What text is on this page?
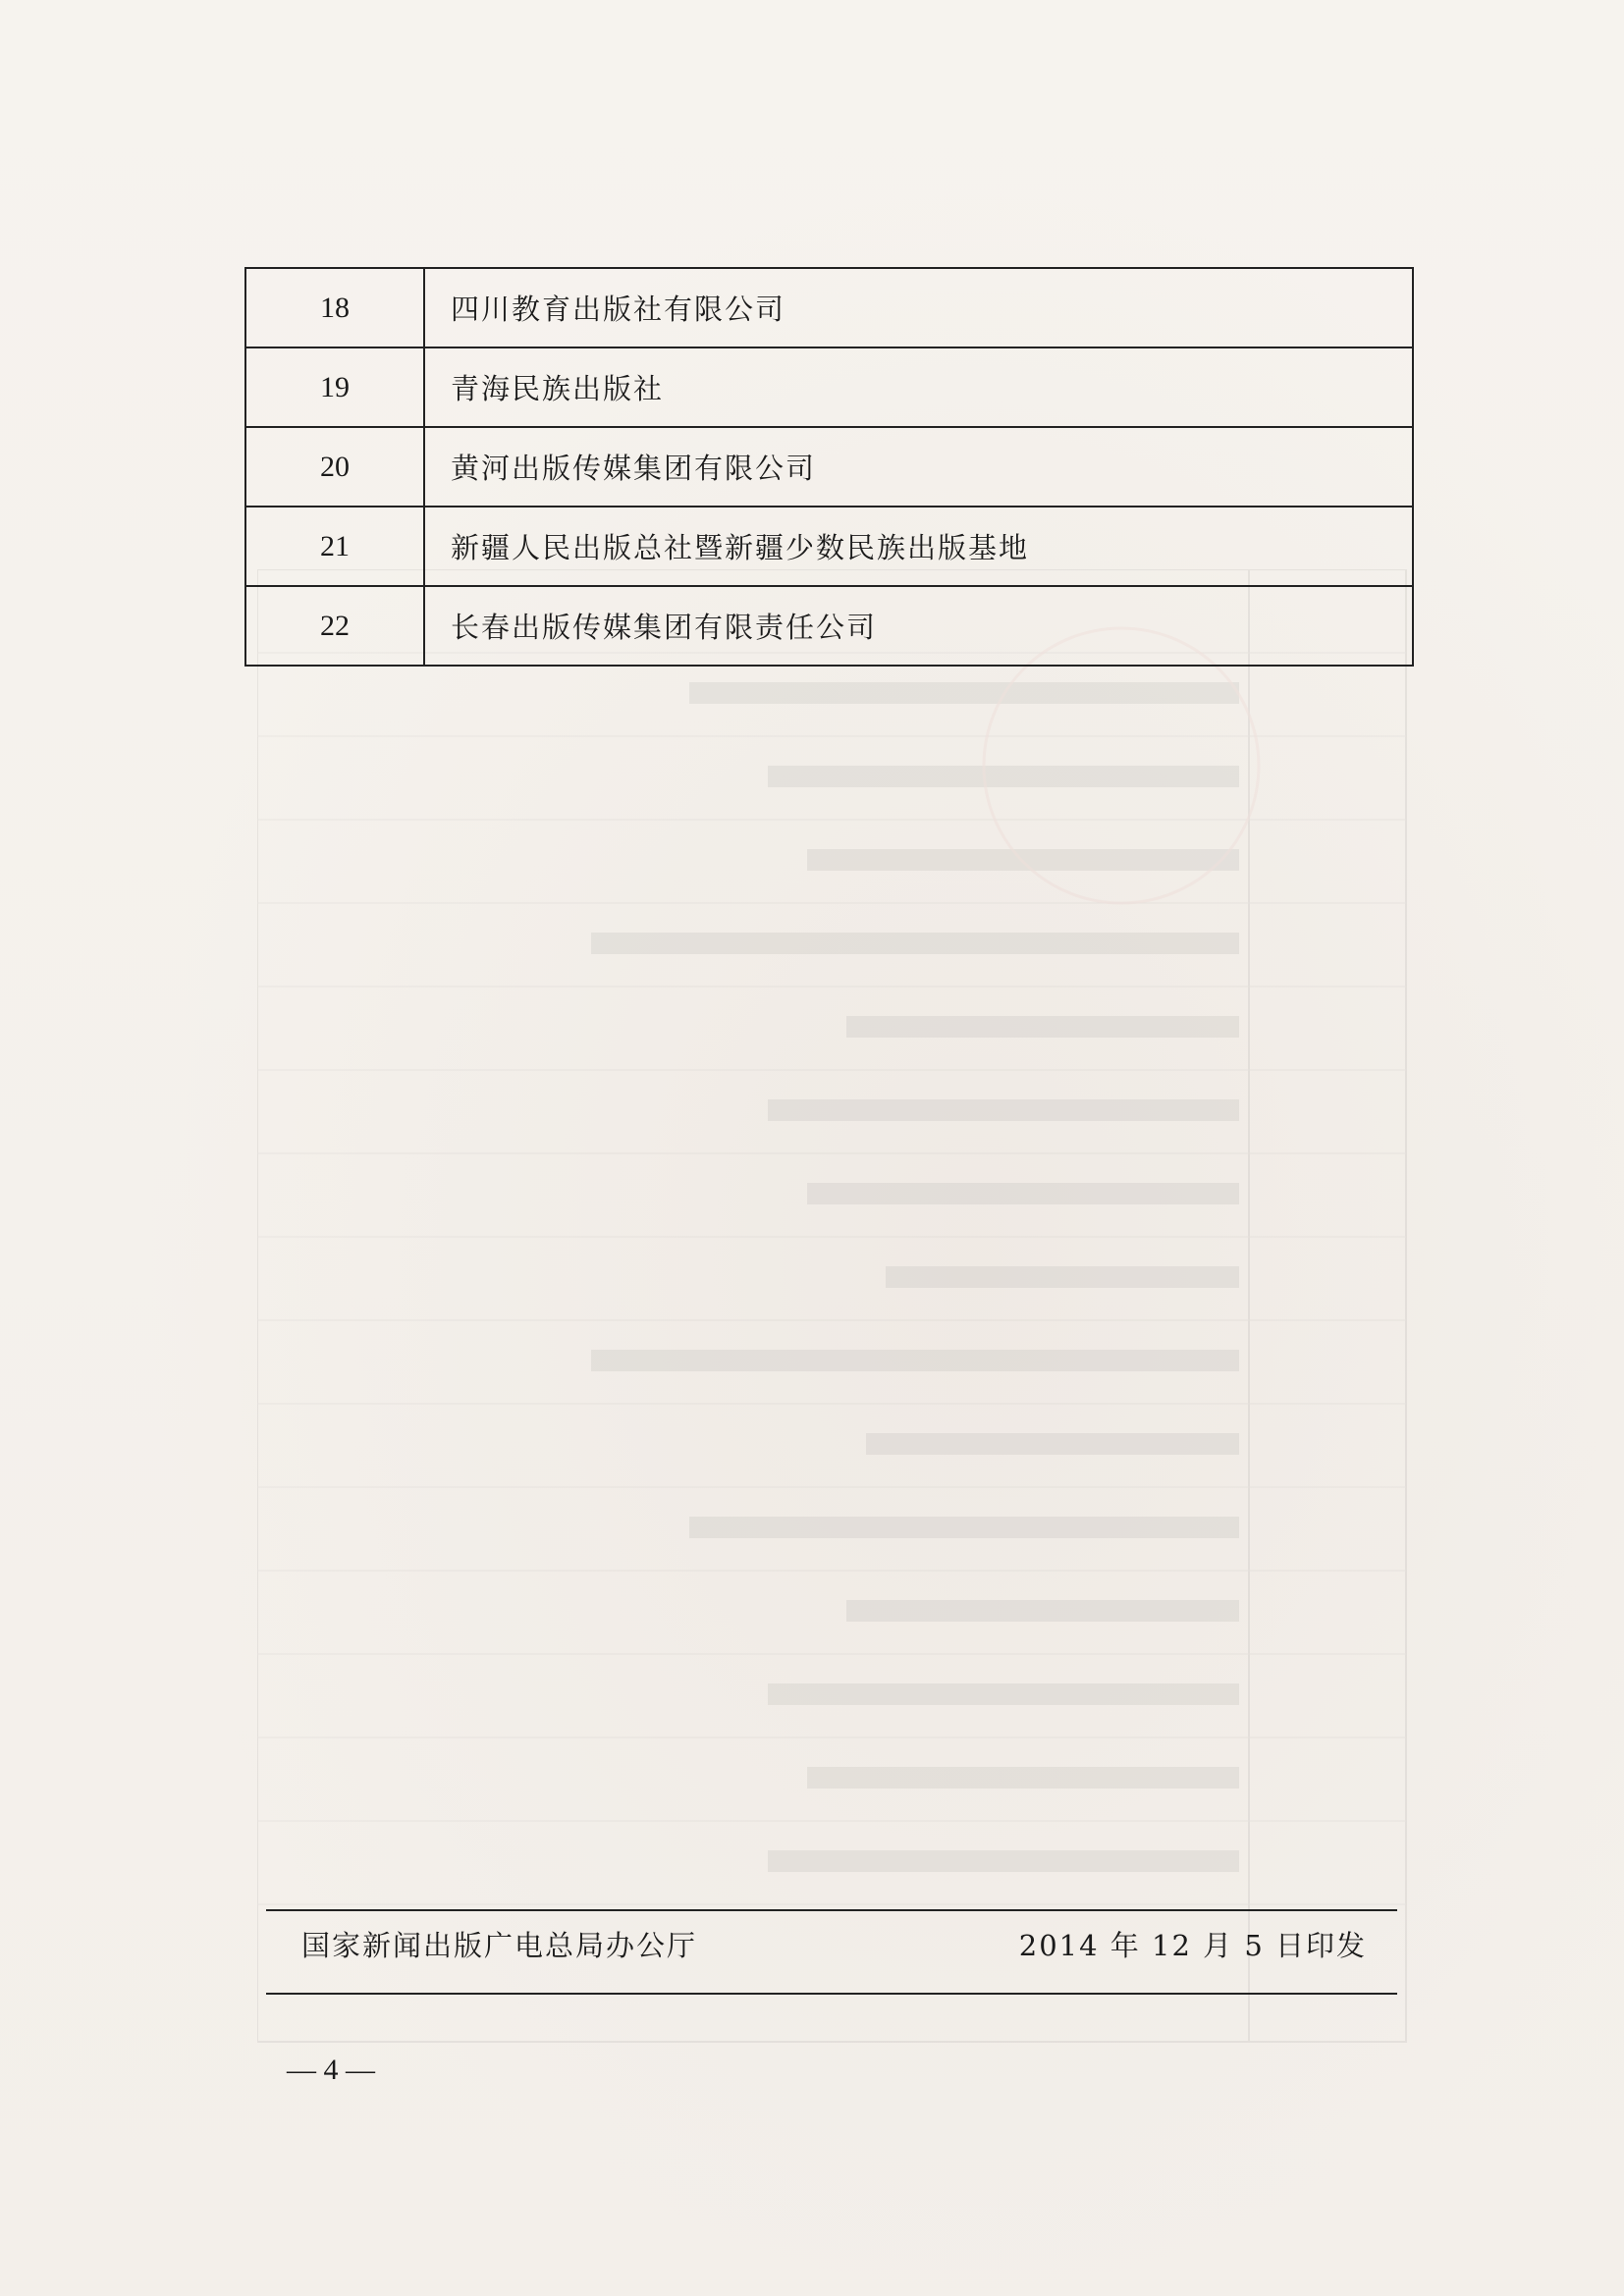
18	四川教育出版社有限公司
19	青海民族出版社
20	黄河出版传媒集团有限公司
21	新疆人民出版总社暨新疆少数民族出版基地
22	长春出版传媒集团有限责任公司
国家新闻出版广电总局办公厅	2014 年 12 月 5 日印发
— 4 —
